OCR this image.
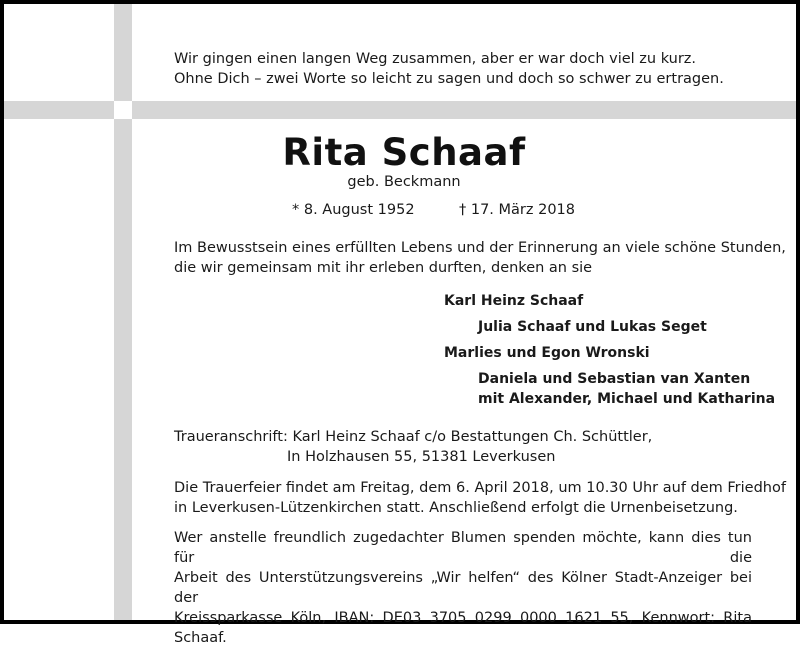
Wir gingen einen langen Weg zusammen, aber er war doch viel zu kurz.
Ohne Dich – zwei Worte so leicht zu sagen und doch so schwer zu ertragen.
Rita Schaaf
geb. Beckmann
* 8. August 1952	† 17. März 2018
Im Bewusstsein eines erfüllten Lebens und der Erinnerung an viele schöne Stunden,
die wir gemeinsam mit ihr erleben durften, denken an sie
Karl Heinz Schaaf
Julia Schaaf und Lukas Seget
Marlies und Egon Wronski
Daniela und Sebastian van Xanten
mit Alexander, Michael und Katharina
Traueranschrift: Karl Heinz Schaaf c/o Bestattungen Ch. Schüttler,
In Holzhausen 55, 51381 Leverkusen
Die Trauerfeier findet am Freitag, dem 6. April 2018, um 10.30 Uhr auf dem Friedhof
in Leverkusen-Lützenkirchen statt. Anschließend erfolgt die Urnenbeisetzung.
Wer anstelle freundlich zugedachter Blumen spenden möchte, kann dies tun für die
Arbeit des Unterstützungsvereins „Wir helfen“ des Kölner Stadt-Anzeiger bei der
Kreissparkasse Köln, IBAN: DE03 3705 0299 0000 1621 55, Kennwort: Rita Schaaf.
